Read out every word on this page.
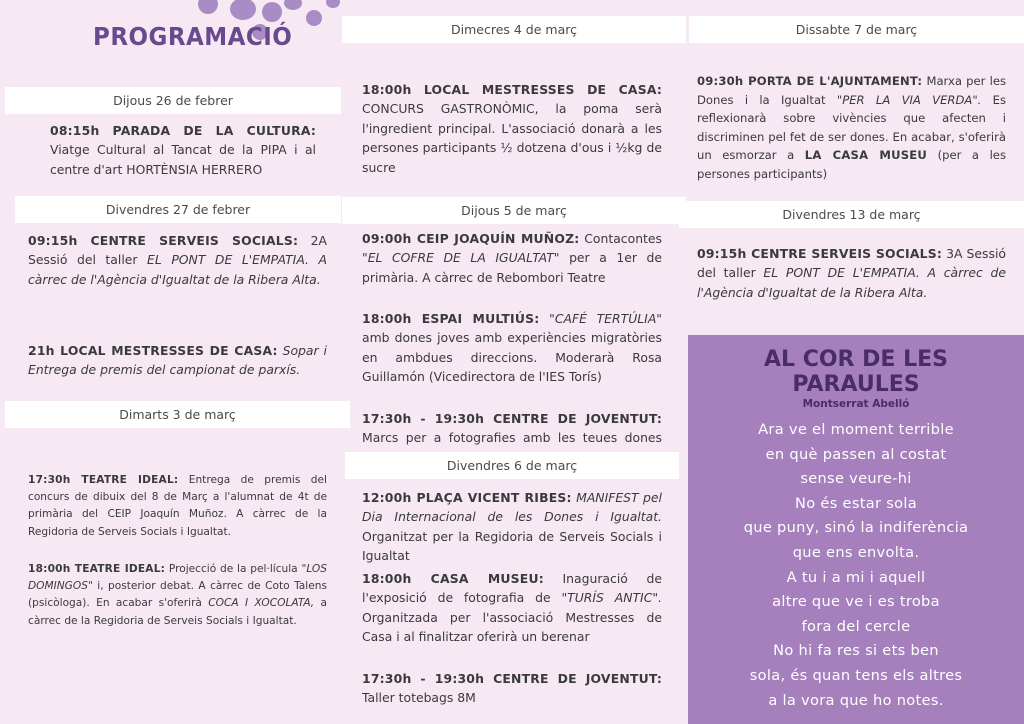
PROGRAMACIÓ
Dijous 26 de febrer
08:15h PARADA DE LA CULTURA: Viatge Cultural al Tancat de la PIPA i al centre d'art HORTÈNSIA HERRERO
Divendres 27 de febrer
09:15h CENTRE SERVEIS SOCIALS: 2A Sessió del taller EL PONT DE L'EMPATIA. A càrrec de l'Agència d'Igualtat de la Ribera Alta.
21h LOCAL MESTRESSES DE CASA: Sopar i Entrega de premis del campionat de parxís.
Dimarts 3 de març
17:30h TEATRE IDEAL: Entrega de premis del concurs de dibuix del 8 de Març a l'alumnat de 4t de primària del CEIP Joaquín Muñoz. A càrrec de la Regidoria de Serveis Socials i Igualtat.
18:00h TEATRE IDEAL: Projecció de la pel·lícula "LOS DOMINGOS" i, posterior debat. A càrrec de Coto Talens (psicòloga). En acabar s'oferirà COCA I XOCOLATA, a càrrec de la Regidoria de Serveis Socials i Igualtat.
Dimecres 4 de març
18:00h LOCAL MESTRESSES DE CASA: CONCURS GASTRONÒMIC, la poma serà l'ingredient principal. L'associació donarà a les persones participants ½ dotzena d'ous i ½kg de sucre
Dijous 5 de març
09:00h CEIP JOAQUÍN MUÑOZ: Contacontes "EL COFRE DE LA IGUALTAT" per a 1er de primària. A càrrec de Rebombori Teatre
18:00h ESPAI MULTIÚS: "CAFÉ TERTÚLIA" amb dones joves amb experiències migratòries en ambdues direccions. Moderarà Rosa Guillamón (Vicedirectora de l'IES Torís)
17:30h - 19:30h CENTRE DE JOVENTUT: Marcs per a fotografies amb les teues dones
Divendres 6 de març
12:00h PLAÇA VICENT RIBES: MANIFEST pel Dia Internacional de les Dones i Igualtat. Organitzat per la Regidoria de Serveis Socials i Igualtat
18:00h CASA MUSEU: Inaguració de l'exposició de fotografia de "TURÍS ANTIC". Organitzada per l'associació Mestresses de Casa i al finalitzar oferirà un berenar
17:30h - 19:30h CENTRE DE JOVENTUT: Taller totebags 8M
Dissabte 7 de març
09:30h PORTA DE L'AJUNTAMENT: Marxa per les Dones i la Igualtat "PER LA VIA VERDA". Es reflexionarà sobre vivències que afecten i discriminen pel fet de ser dones. En acabar, s'oferirà un esmorzar a LA CASA MUSEU (per a les persones participants)
Divendres 13 de març
09:15h CENTRE SERVEIS SOCIALS: 3A Sessió del taller EL PONT DE L'EMPATIA. A càrrec de l'Agència d'Igualtat de la Ribera Alta.
AL COR DE LES
PARAULES
Montserrat Abelló
Ara ve el moment terrible
en què passen al costat
sense veure-hi
No és estar sola
que puny, sinó la indiferència
que ens envolta.
A tu i a mi i aquell
altre que ve i es troba
fora del cercle
No hi fa res si ets ben
sola, és quan tens els altres
a la vora que ho notes.
